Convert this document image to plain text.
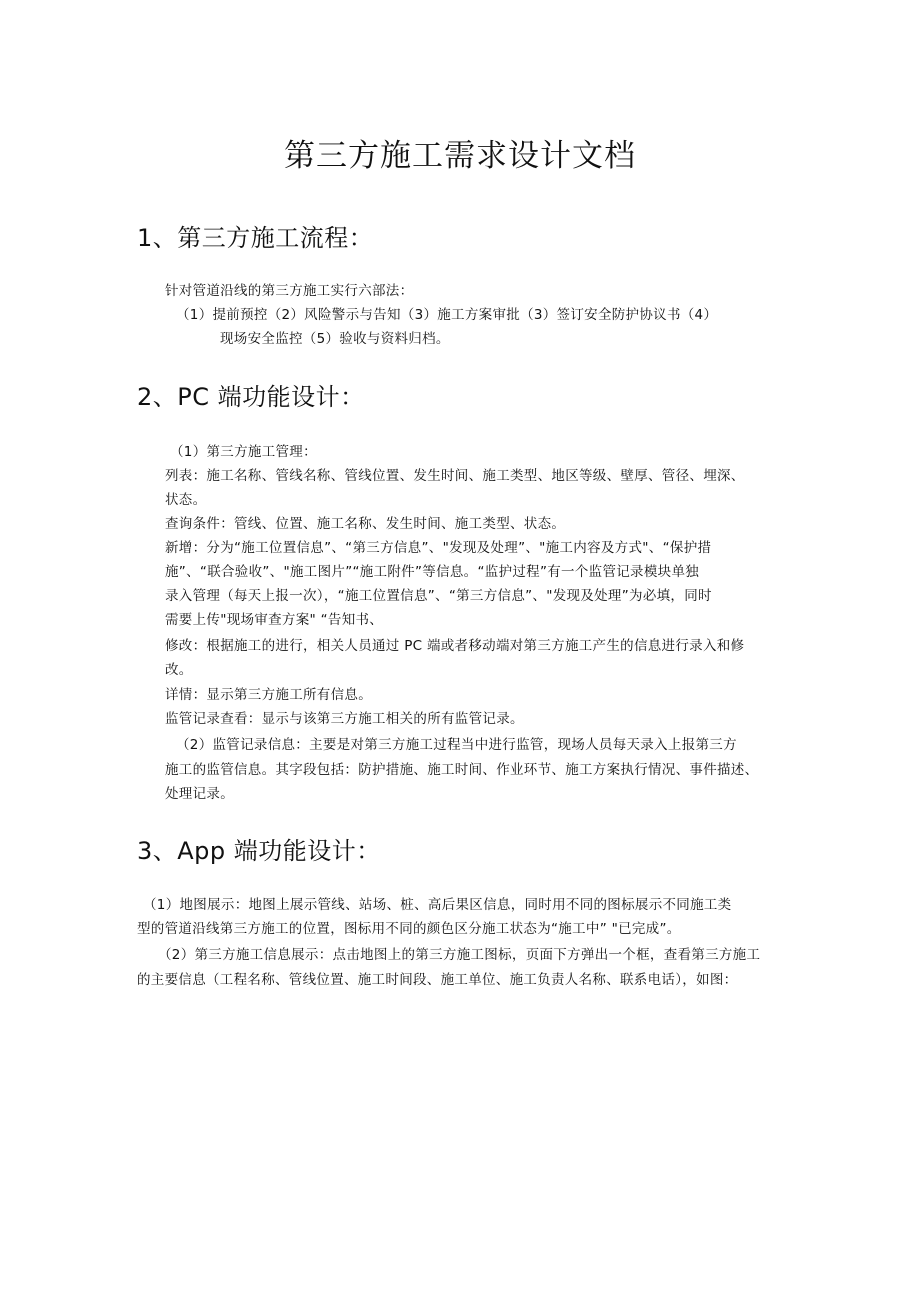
第三方施工需求设计文档
1、第三方施工流程：
针对管道沿线的第三方施工实行六部法：
（1）提前预控（2）风险警示与告知（3）施工方案审批（3）签订安全防护协议书（4）
现场安全监控（5）验收与资料归档。
2、PC 端功能设计：
（1）第三方施工管理：
列表：施工名称、管线名称、管线位置、发生时间、施工类型、地区等级、壁厚、管径、埋深、
状态。
查询条件：管线、位置、施工名称、发生时间、施工类型、状态。
新增：分为“施工位置信息”、“第三方信息”、"发现及处理”、"施工内容及方式"、“保护措
施”、“联合验收”、"施工图片”“施工附件”等信息。“监护过程”有一个监管记录模块单独
录入管理（每天上报一次），“施工位置信息”、“第三方信息”、"发现及处理”为必填，同时
需要上传"现场审查方案" “告知书、
修改：根据施工的进行，相关人员通过 PC 端或者移动端对第三方施工产生的信息进行录入和修
改。
详情：显示第三方施工所有信息。
监管记录查看：显示与该第三方施工相关的所有监管记录。
（2）监管记录信息：主要是对第三方施工过程当中进行监管，现场人员每天录入上报第三方
施工的监管信息。其字段包括：防护措施、施工时间、作业环节、施工方案执行情况、事件描述、
处理记录。
3、App 端功能设计：
（1）地图展示：地图上展示管线、站场、桩、高后果区信息，同时用不同的图标展示不同施工类
型的管道沿线第三方施工的位置，图标用不同的颜色区分施工状态为“施工中” "已完成”。
（2）第三方施工信息展示：点击地图上的第三方施工图标，页面下方弹出一个框，查看第三方施工
的主要信息（工程名称、管线位置、施工时间段、施工单位、施工负责人名称、联系电话），如图：
